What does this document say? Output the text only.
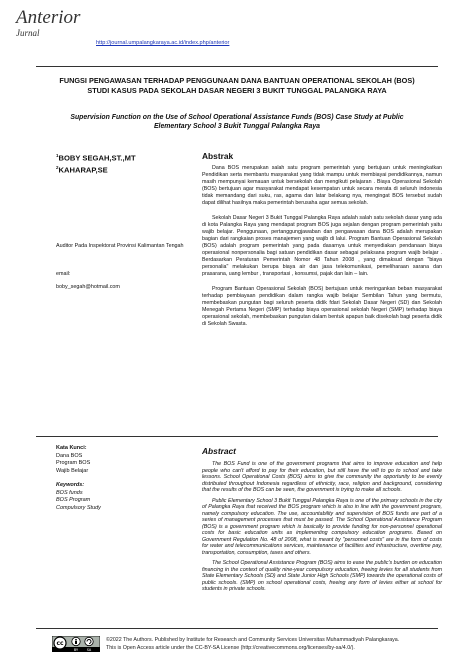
Anterior
Jurnal
http://journal.umpalangkaraya.ac.id/index.php/anterior
FUNGSI PENGAWASAN TERHADAP PENGGUNAAN DANA BANTUAN OPERATIONAL SEKOLAH (BOS) STUDI KASUS PADA SEKOLAH DASAR NEGERI 3 BUKIT TUNGGAL PALANGKA RAYA
Supervision Function on the Use of School Operational Assistance Funds (BOS) Case Study at Public Elementary School 3 Bukit Tunggal Palangka Raya
$^1$BOBY SEGAH,ST.,MT
$^2$KAHARAP,SE
Auditor Pada Inspektorat Provinsi Kalimantan Tengah
email:
boby_segah@hotmail.com
Abstrak

Dana BOS merupakan salah satu program pemerintah yang bertujuan untuk meningkatkan Pendidikan serta membantu masyarakat yang tidak mampu untuk membiayai pendidikannya, namun masih mempunyai kemauan untuk bersekolah dan mengikuti pelajaran . Biaya Operasional Sekolah (BOS) bertujuan agar masyarakat mendapat kesempatan untuk secara merata di seluruh indonesia tidak memandang dari suku, ras, agama dan latar belakang nya, mengingat BOS tersebut sudah dapat dilihat hasilnya maka pemerintah berusaha agar semua sekolah.

Sekolah Dasar Negeri 3 Bukit Tunggal Palangka Raya adalah salah satu sekolah dasar yang ada di kota Palangka Raya yang mendapat program BOS juga sejalan dengan program pemerintah yaitu wajib belajar. Penggunaan, pertanggungjawaban dan pengawasan dana BOS adalah merupakan bagian dari rangkaian proses manajemen yang wajib di lalui. Program Bantuan Operasional Sekolah (BOS) adalah program pemerintah yang pada dasarnya untuk menyediakan pendanaan biaya operasional nonpersonalia bagi satuan pendidikan dasar sebagai pelaksana program wajib belajar . Berdasarkan Peraturan Pemerintah Nomor 48 Tahun 2008 , yang dimaksud dengan "biaya personalia" melakukan berupa biaya air dan jasa telekomunikasi, pemeliharaan sarana dan prasarana, uang lembur , transportasi , konsumsi, pajak dan lain – lain.

Program Bantuan Operasional Sekolah (BOS) bertujuan untuk meringankan beban masyarakat terhadap pembiayaan pendidikan dalam rangka wajib belajar Sembilan Tahun yang bermutu, membebaskan pungutan bagi seluruh peserta didik fdari Sekolah Dasar Negeri (SD) dan Sekolah Menegah Pertama Negeri (SMP) terhadap biaya operasional sekolah Negeri (SMP) terhadap biaya operasional sekolah, membebaskan pungutan dalam bentuk apapun baik disekolah bagi peserta didik di Sekolah Swasta.

Kata Kunci:
Dana BOS
Program BOS
Wajib Belajar
Keywords:
BOS funds
BOS Program
Compulsory Study
Abstract

The BOS Fund is one of the government programs that aims to improve education and help people who can't afford to pay for their education, but still have the will to go to school and take lessons. School Operational Costs (BOS) aims to give the community the opportunity to be evenly distributed throughout Indonesia regardless of ethnicity, race, religion and background, considering that the results of the BOS can be seen, the government is trying to make all schools.

Public Elementary School 3 Bukit Tunggal Palangka Raya is one of the primary schools in the city of Palangka Raya that received the BOS program which is also in line with the government program, namely compulsory education. The use, accountability and supervision of BOS funds are part of a series of management processes that must be passed. The School Operational Assistance Program (BOS) is a government program which is basically to provide funding for non-personnel operational costs for basic education units as implementing compulsory education programs. Based on Government Regulation No. 48 of 2008, what is meant by "personnel costs" are in the form of costs for water and telecommunications services, maintenance of facilities and infrastructure, overtime pay, transportation, consumption, taxes and others.

The School Operational Assistance Program (BOS) aims to ease the public's burden on education financing in the context of quality nine-year compulsory education, freeing levies for all students from State Elementary Schools (SD) and State Junior High Schools (SMP) towards the operational costs of public schools. (SMP) on school operational costs, freeing any form of levies either at school for students in private schools.

cc
BY	SA
©2022 The Authors. Published by Institute for Research and Community Services Universitas Muhammadiyah Palangkaraya.
This is Open Access article under the CC-BY-SA License (http://creativecommons.org/licenses/by-sa/4.0/).
